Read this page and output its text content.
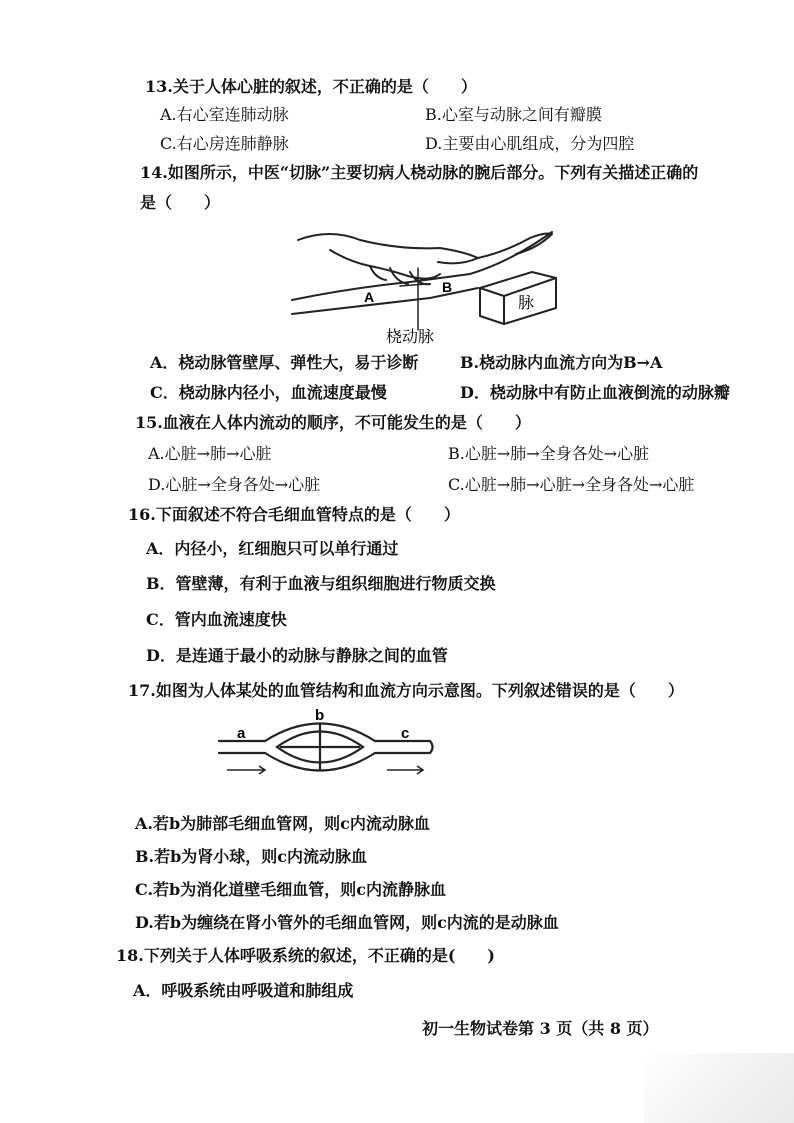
13.关于人体心脏的叙述，不正确的是（　　）
A.右心室连肺动脉	B.心室与动脉之间有瓣膜
C.右心房连肺静脉	D.主要由心肌组成，分为四腔
14.如图所示，中医“切脉”主要切病人桡动脉的腕后部分。下列有关描述正确的
是（　　）
A
B
脉
桡动脉
A．桡动脉管壁厚、弹性大，易于诊断	B.桡动脉内血流方向为B→A
C．桡动脉内径小，血流速度最慢	D．桡动脉中有防止血液倒流的动脉瓣
15.血液在人体内流动的顺序，不可能发生的是（　　）
A.心脏→肺→心脏	B.心脏→肺→全身各处→心脏
D.心脏→全身各处→心脏	C.心脏→肺→心脏→全身各处→心脏
16.下面叙述不符合毛细血管特点的是（　　）
A．内径小，红细胞只可以单行通过
B．管壁薄，有利于血液与组织细胞进行物质交换
C．管内血流速度快
D．是连通于最小的动脉与静脉之间的血管
17.如图为人体某处的血管结构和血流方向示意图。下列叙述错误的是（　　）
a
b
c
A.若b为肺部毛细血管网，则c内流动脉血
B.若b为肾小球，则c内流动脉血
C.若b为消化道壁毛细血管，则c内流静脉血
D.若b为缠绕在肾小管外的毛细血管网，则c内流的是动脉血
18.下列关于人体呼吸系统的叙述，不正确的是(　　)
A．呼吸系统由呼吸道和肺组成
初一生物试卷第 3 页（共 8 页）
